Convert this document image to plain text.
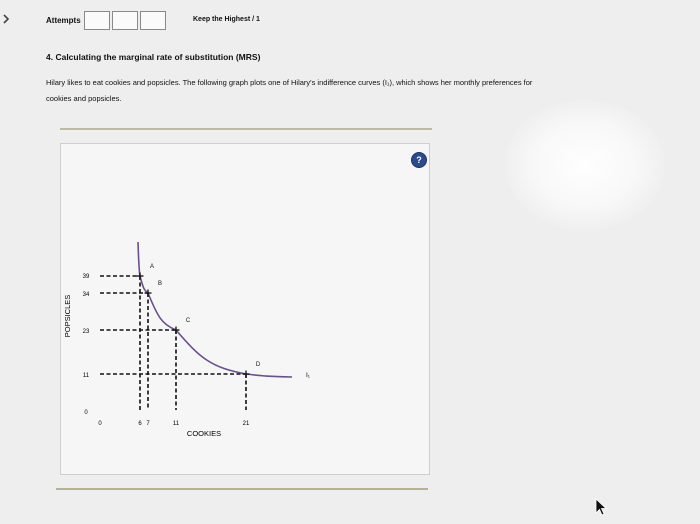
Attempts	Keep the Highest / 1
4. Calculating the marginal rate of substitution (MRS)
Hilary likes to eat cookies and popsicles. The following graph plots one of Hilary's indifference curves (I₁), which shows her monthly preferences for
cookies and popsicles.
?
POPSICLES
COOKIES
0	6 7	11	21
0
11
23
34
39
A
B
C
D
I₁
